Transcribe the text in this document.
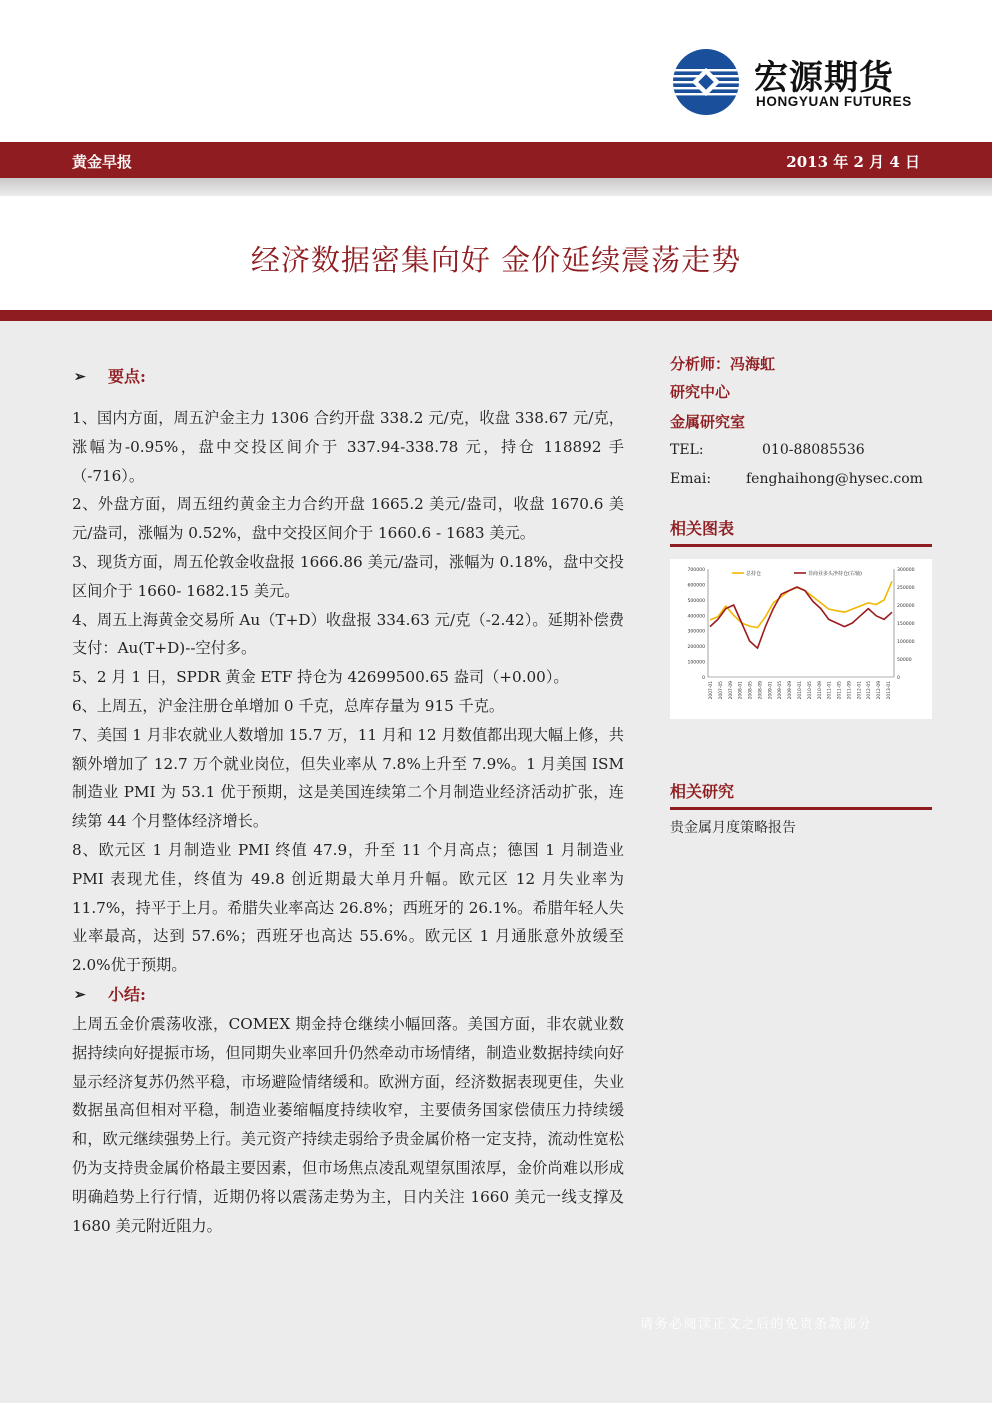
宏源期货
HONGYUAN FUTURES
黄金早报	2013 年 2 月 4 日
经济数据密集向好 金价延续震荡走势
➢	要点:

1、国内方面，周五沪金主力 1306 合约开盘 338.2 元/克，收盘 338.67 元/克，涨幅为-0.95%，盘中交投区间介于 337.94-338.78 元，持仓 118892 手（-716）。

2、外盘方面，周五纽约黄金主力合约开盘 1665.2 美元/盎司，收盘 1670.6 美元/盎司，涨幅为 0.52%，盘中交投区间介于 1660.6 - 1683 美元。

3、现货方面，周五伦敦金收盘报 1666.86 美元/盎司，涨幅为 0.18%，盘中交投区间介于 1660- 1682.15 美元。

4、周五上海黄金交易所 Au（T+D）收盘报 334.63 元/克（-2.42）。延期补偿费支付：Au(T+D)--空付多。

5、2 月 1 日，SPDR 黄金 ETF 持仓为 42699500.65 盎司（+0.00）。

6、上周五，沪金注册仓单增加 0 千克，总库存量为 915 千克。

7、美国 1 月非农就业人数增加 15.7 万，11 月和 12 月数值都出现大幅上修，共额外增加了 12.7 万个就业岗位，但失业率从 7.8%上升至 7.9%。1 月美国 ISM 制造业 PMI 为 53.1 优于预期，这是美国连续第二个月制造业经济活动扩张，连续第 44 个月整体经济增长。

8、欧元区 1 月制造业 PMI 终值 47.9，升至 11 个月高点；德国 1 月制造业 PMI 表现尤佳，终值为 49.8 创近期最大单月升幅。欧元区 12 月失业率为 11.7%，持平于上月。希腊失业率高达 26.8%；西班牙的 26.1%。希腊年轻人失业率最高，达到 57.6%；西班牙也高达 55.6%。欧元区 1 月通胀意外放缓至 2.0%优于预期。

➢	小结:

上周五金价震荡收涨，COMEX 期金持仓继续小幅回落。美国方面，非农就业数据持续向好提振市场，但同期失业率回升仍然牵动市场情绪，制造业数据持续向好显示经济复苏仍然平稳，市场避险情绪缓和。欧洲方面，经济数据表现更佳，失业数据虽高但相对平稳，制造业萎缩幅度持续收窄，主要债务国家偿债压力持续缓和，欧元继续强势上行。美元资产持续走弱给予贵金属价格一定支持，流动性宽松仍为支持贵金属价格最主要因素，但市场焦点凌乱观望氛围浓厚，金价尚难以形成明确趋势上行行情，近期仍将以震荡走势为主，日内关注 1660 美元一线支撑及 1680 美元附近阻力。

分析师：冯海虹
研究中心
金属研究室
TEL:	010-88085536
Emai:	fenghaihong@hysec.com
相关图表
700000
600000
500000
400000
300000
200000
100000
0
300000
250000
200000
150000
100000
50000
0
2007-01 2007-05 2007-09 2008-01 2008-05 2008-09 2009-01 2009-05 2009-09 2010-01 2010-05 2010-09 2011-01 2011-05 2011-09 2012-01 2012-05 2012-09 2013-01
总持仓	非商业多头净持仓(右轴)
相关研究
贵金属月度策略报告
请务必阅读正文之后的免责条款部分
